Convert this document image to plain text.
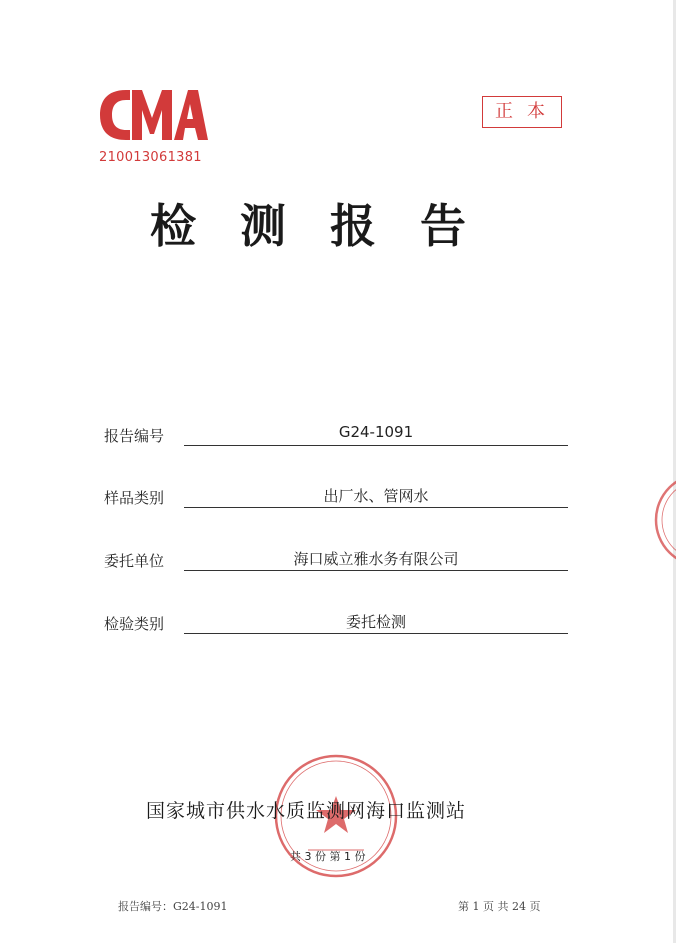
210013061381
正本
检测报告
报告编号	G24-1091
样品类别	出厂水、管网水
委托单位	海口威立雅水务有限公司
检验类别	委托检测
国家城市供水水质监测网海口监测站
共 3 份 第 1 份
报告编号：G24-1091	第 1 页 共 24 页
